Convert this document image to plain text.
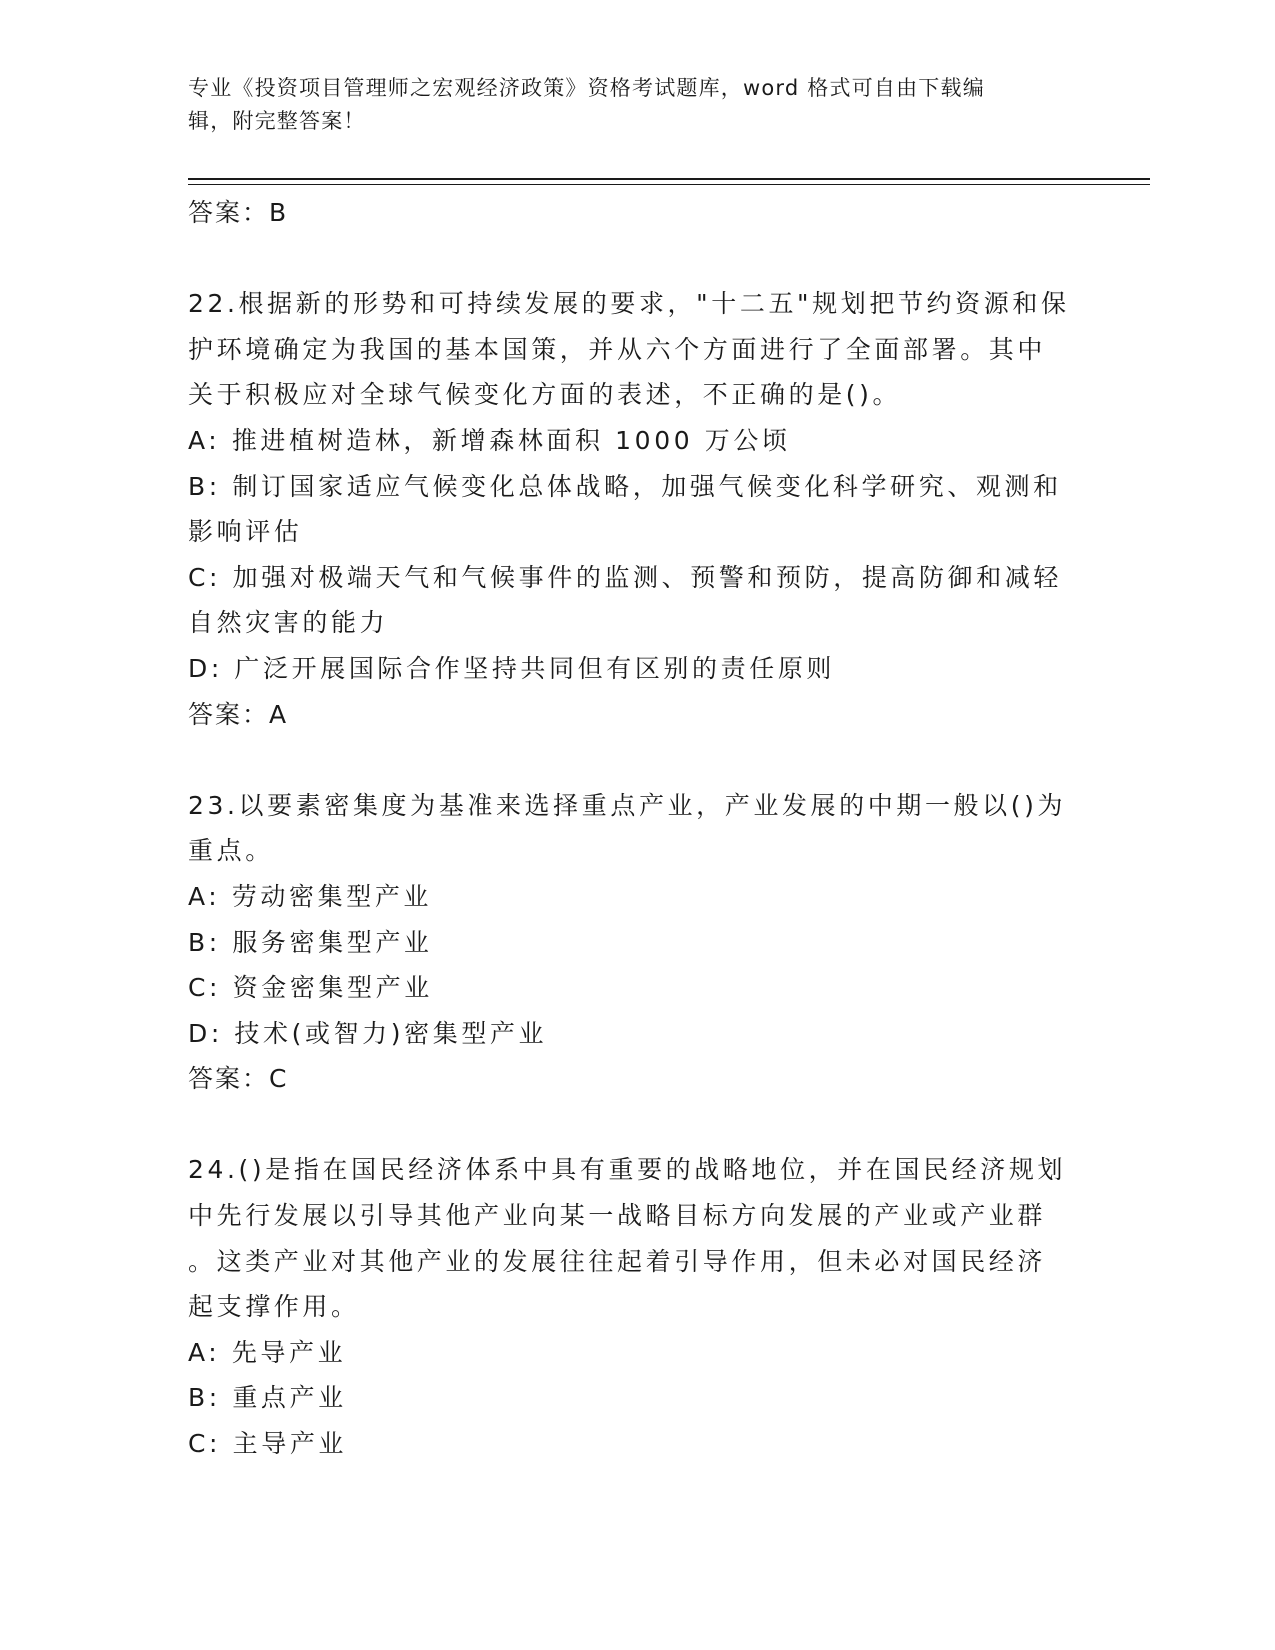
专业《投资项目管理师之宏观经济政策》资格考试题库，word 格式可自由下载编
辑，附完整答案！
答案：B
22.根据新的形势和可持续发展的要求，"十二五"规划把节约资源和保
护环境确定为我国的基本国策，并从六个方面进行了全面部署。其中
关于积极应对全球气候变化方面的表述，不正确的是()。
A: 推进植树造林，新增森林面积 1000 万公顷
B: 制订国家适应气候变化总体战略，加强气候变化科学研究、观测和
影响评估
C: 加强对极端天气和气候事件的监测、预警和预防，提高防御和减轻
自然灾害的能力
D: 广泛开展国际合作坚持共同但有区别的责任原则
答案：A
23.以要素密集度为基准来选择重点产业，产业发展的中期一般以()为
重点。
A: 劳动密集型产业
B: 服务密集型产业
C: 资金密集型产业
D: 技术(或智力)密集型产业
答案：C
24.()是指在国民经济体系中具有重要的战略地位，并在国民经济规划
中先行发展以引导其他产业向某一战略目标方向发展的产业或产业群
。这类产业对其他产业的发展往往起着引导作用，但未必对国民经济
起支撑作用。
A: 先导产业
B: 重点产业
C: 主导产业
